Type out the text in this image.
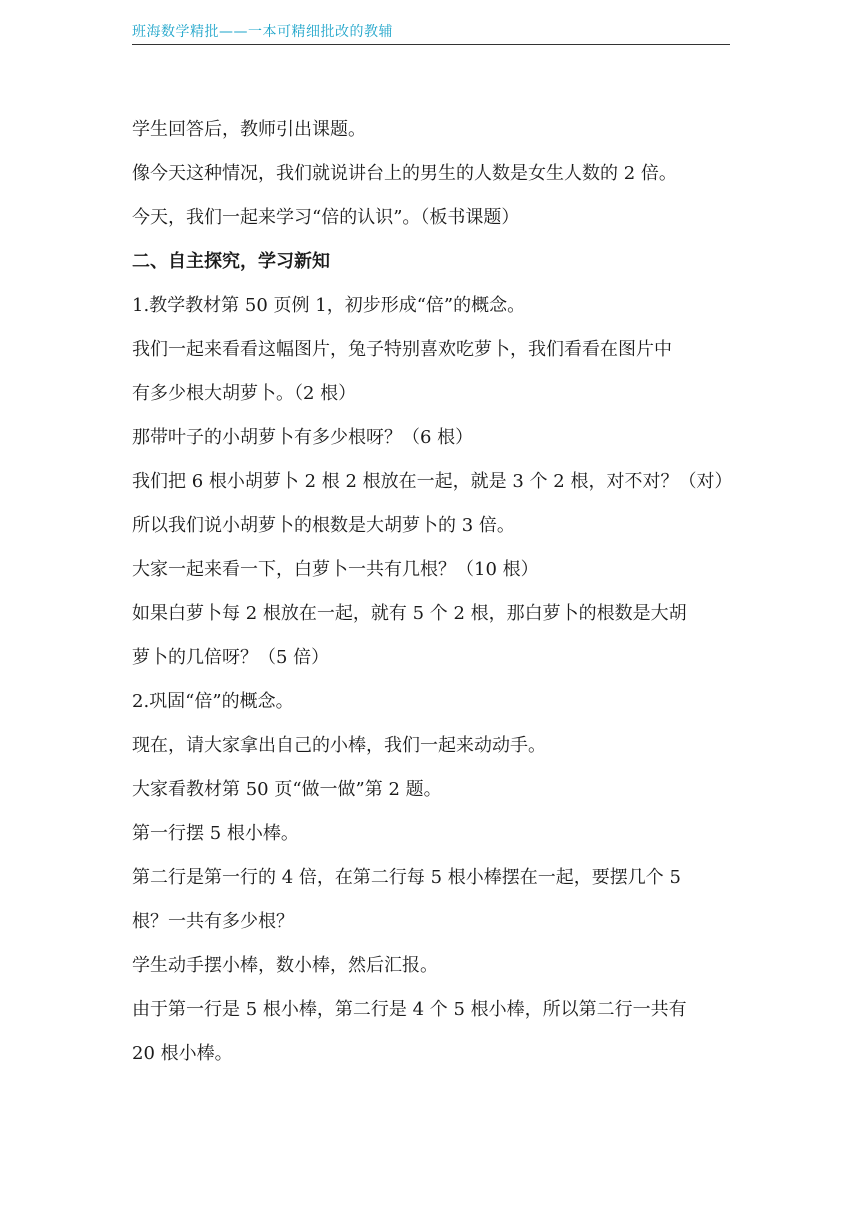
班海数学精批——一本可精细批改的教辅

学生回答后，教师引出课题。

像今天这种情况，我们就说讲台上的男生的人数是女生人数的 2 倍。

今天，我们一起来学习“倍的认识”。（板书课题）

二、自主探究，学习新知

1.教学教材第 50 页例 1，初步形成“倍”的概念。

我们一起来看看这幅图片，兔子特别喜欢吃萝卜，我们看看在图片中

有多少根大胡萝卜。（2 根）

那带叶子的小胡萝卜有多少根呀？（6 根）

我们把 6 根小胡萝卜 2 根 2 根放在一起，就是 3 个 2 根，对不对？（对）

所以我们说小胡萝卜的根数是大胡萝卜的 3 倍。

大家一起来看一下，白萝卜一共有几根？（10 根）

如果白萝卜每 2 根放在一起，就有 5 个 2 根，那白萝卜的根数是大胡

萝卜的几倍呀？（5 倍）

2.巩固“倍”的概念。

现在，请大家拿出自己的小棒，我们一起来动动手。

大家看教材第 50 页“做一做”第 2 题。

第一行摆 5 根小棒。

第二行是第一行的 4 倍，在第二行每 5 根小棒摆在一起，要摆几个 5

根？一共有多少根？

学生动手摆小棒，数小棒，然后汇报。

由于第一行是 5 根小棒，第二行是 4 个 5 根小棒，所以第二行一共有

20 根小棒。
